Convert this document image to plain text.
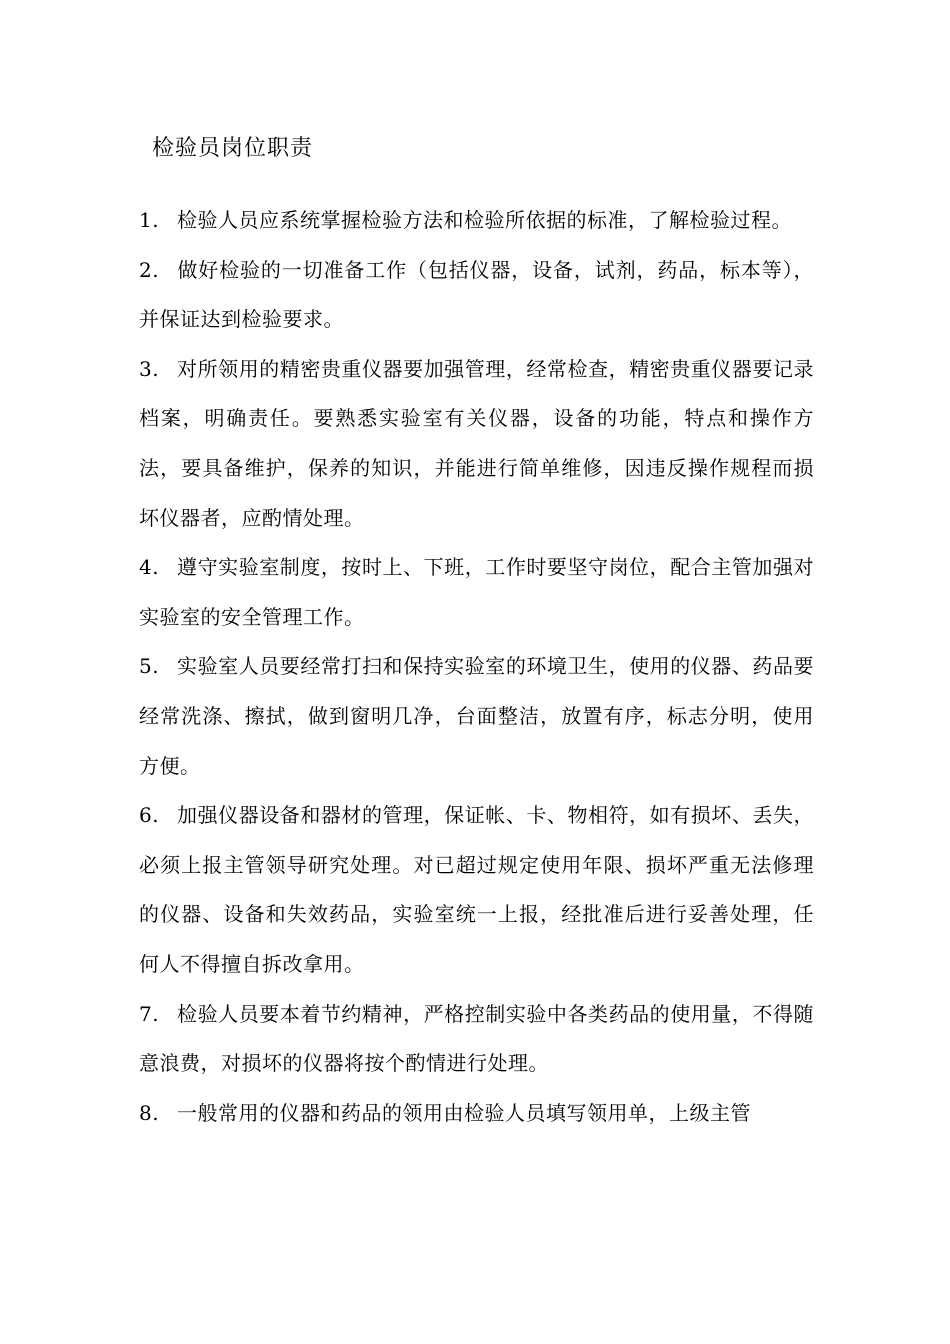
检验员岗位职责
1. 检验人员应系统掌握检验方法和检验所依据的标准，了解检验过程。
2. 做好检验的一切准备工作（包括仪器，设备，试剂，药品，标本等），并保证达到检验要求。
3. 对所领用的精密贵重仪器要加强管理，经常检查，精密贵重仪器要记录档案，明确责任。要熟悉实验室有关仪器，设备的功能，特点和操作方法，要具备维护，保养的知识，并能进行简单维修，因违反操作规程而损坏仪器者，应酌情处理。
4. 遵守实验室制度，按时上、下班，工作时要坚守岗位，配合主管加强对实验室的安全管理工作。
5. 实验室人员要经常打扫和保持实验室的环境卫生，使用的仪器、药品要经常洗涤、擦拭，做到窗明几净，台面整洁，放置有序，标志分明，使用方便。
6. 加强仪器设备和器材的管理，保证帐、卡、物相符，如有损坏、丢失，必须上报主管领导研究处理。对已超过规定使用年限、损坏严重无法修理的仪器、设备和失效药品，实验室统一上报，经批准后进行妥善处理，任何人不得擅自拆改拿用。
7. 检验人员要本着节约精神，严格控制实验中各类药品的使用量，不得随意浪费，对损坏的仪器将按个酌情进行处理。
8. 一般常用的仪器和药品的领用由检验人员填写领用单，上级主管
